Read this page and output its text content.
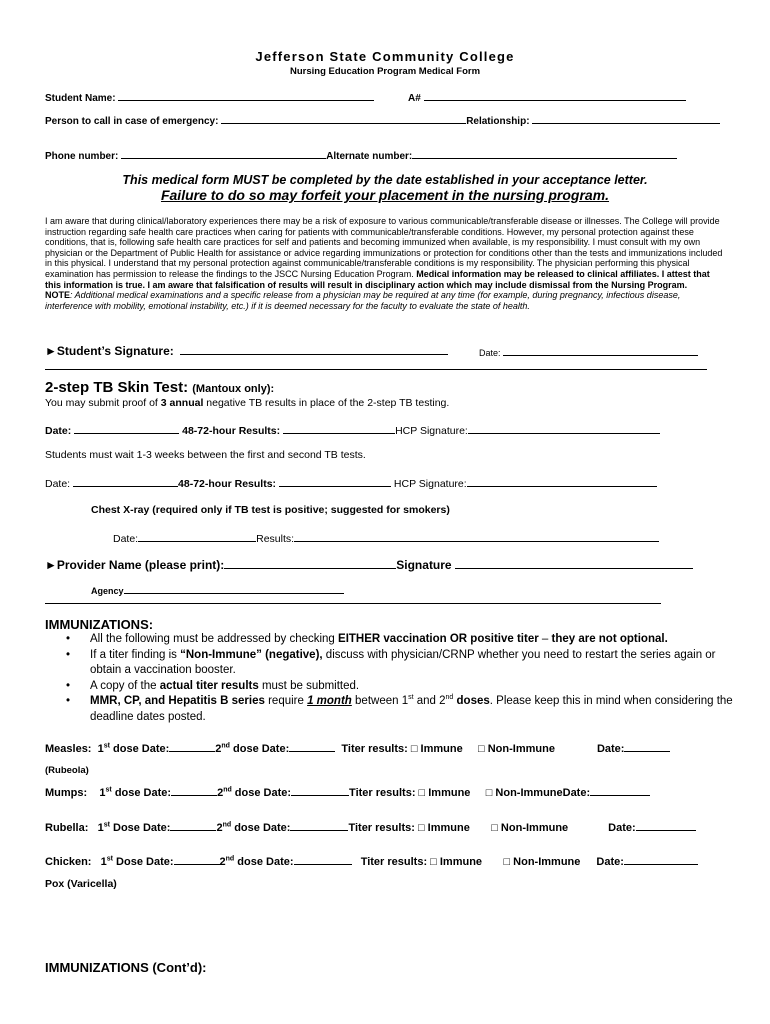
Jefferson State Community College
Nursing Education Program Medical Form
Student Name:	A#
Person to call in case of emergency:	Relationship:
Phone number:	Alternate number:
This medical form MUST be completed by the date established in your acceptance letter.
Failure to do so may forfeit your placement in the nursing program.
I am aware that during clinical/laboratory experiences there may be a risk of exposure to various communicable/transferable disease or illnesses. The College will provide instruction regarding safe health care practices when caring for patients with communicable/transferable conditions. However, my personal protection against these conditions, that is, following safe health care practices for self and patients and becoming immunized when available, is my responsibility. I must consult with my own physician or the Department of Public Health for assistance or advice regarding immunizations or protection for conditions other than the tests and immunizations included in this physical. I understand that my personal protection against communicable/transferable conditions is my responsibility. The physician performing this physical examination has permission to release the findings to the JSCC Nursing Education Program. Medical information may be released to clinical affiliates. I attest that this information is true. I am aware that falsification of results will result in disciplinary action which may include dismissal from the Nursing Program.
NOTE: Additional medical examinations and a specific release from a physician may be required at any time (for example, during pregnancy, infectious disease, interference with mobility, emotional instability, etc.) if it is deemed necessary for the faculty to evaluate the state of health.
►Student’s Signature:	Date:
2-step TB Skin Test: (Mantoux only):
You may submit proof of 3 annual negative TB results in place of the 2-step TB testing.
Date:	48-72-hour Results:	HCP Signature:
Students must wait 1-3 weeks between the first and second TB tests.
Date:	48-72-hour Results:	HCP Signature:
Chest X-ray (required only if TB test is positive; suggested for smokers)
Date:	Results:
►Provider Name (please print):	Signature
Agency
IMMUNIZATIONS:
• All the following must be addressed by checking EITHER vaccination OR positive titer – they are not optional.
• If a titer finding is “Non-Immune” (negative), discuss with physician/CRNP whether you need to restart the series again or obtain a vaccination booster.
• A copy of the actual titer results must be submitted.
• MMR, CP, and Hepatitis B series require 1 month between 1st and 2nd doses. Please keep this in mind when considering the deadline dates posted.
Measles: 1st dose Date:	2nd dose Date:	Titer results: □ Immune □ Non-Immune	Date:
(Rubeola)
Mumps: 1st dose Date:	2nd dose Date:	Titer results: □ Immune □ Non-ImmuneDate:
Rubella: 1st Dose Date:	2nd dose Date:	Titer results: □ Immune □ Non-Immune	Date:
Chicken: 1st Dose Date:	2nd dose Date:	Titer results: □ Immune □ Non-Immune Date:
Pox (Varicella)
IMMUNIZATIONS (Cont’d):
